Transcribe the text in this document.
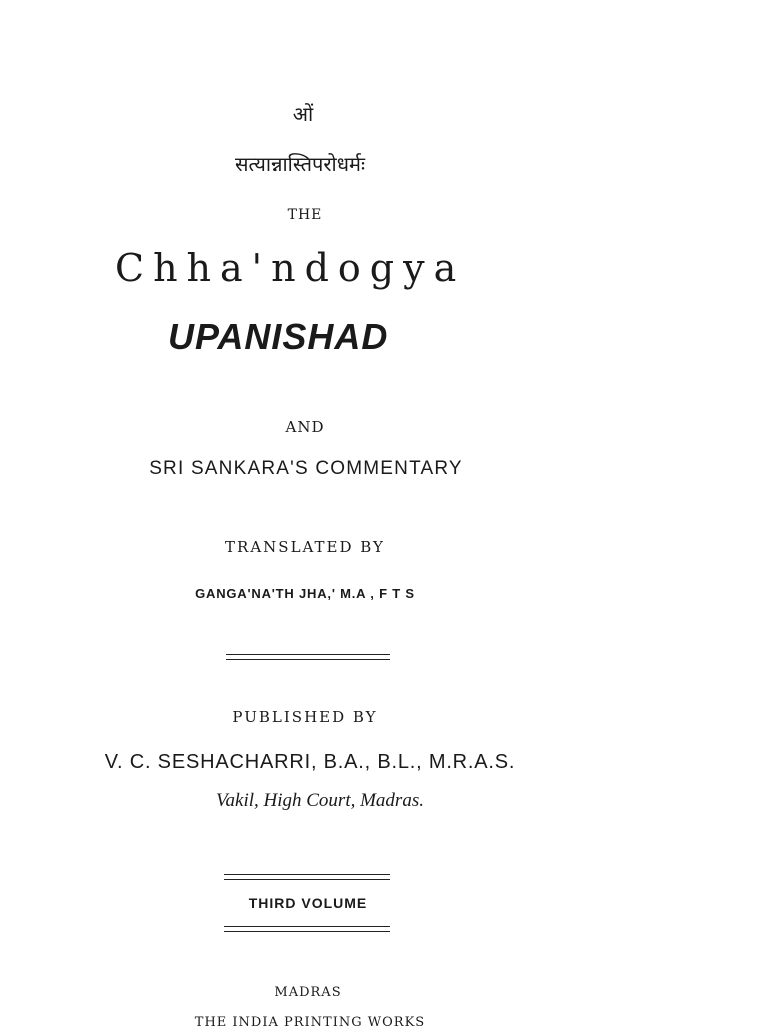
ओं
सत्यान्नास्तिपरोधर्मः
THE
Chha'ndogya
UPANISHAD
AND
SRI SANKARA'S COMMENTARY
TRANSLATED BY
GANGA'NA'TH JHA,' M.A , F T S
PUBLISHED BY
V. C. SESHACHARRI, B.A., B.L., M.R.A.S.
Vakil, High Court, Madras.
THIRD VOLUME
MADRAS
THE INDIA PRINTING WORKS
